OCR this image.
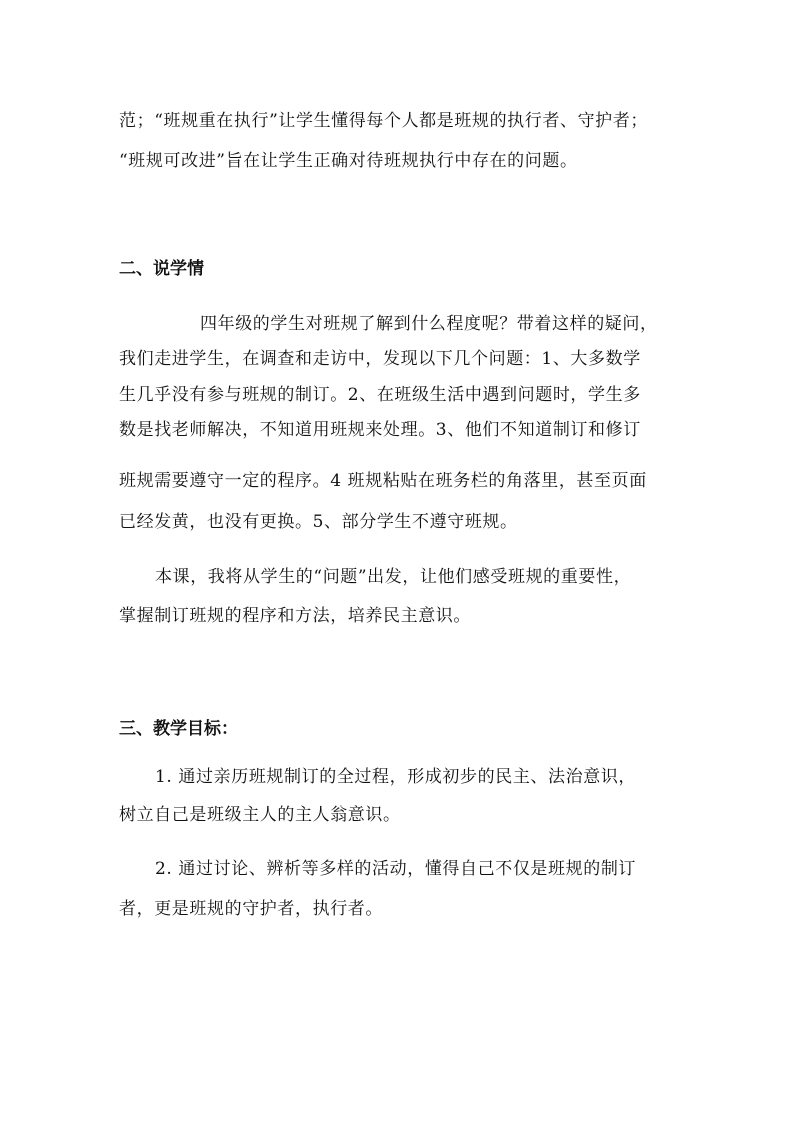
范；“班规重在执行”让学生懂得每个人都是班规的执行者、守护者；
“班规可改进”旨在让学生正确对待班规执行中存在的问题。
二、说学情
四年级的学生对班规了解到什么程度呢？带着这样的疑问，
我们走进学生，在调查和走访中，发现以下几个问题：1、大多数学
生几乎没有参与班规的制订。2、在班级生活中遇到问题时，学生多
数是找老师解决，不知道用班规来处理。3、他们不知道制订和修订
班规需要遵守一定的程序。4 班规粘贴在班务栏的角落里，甚至页面
已经发黄，也没有更换。5、部分学生不遵守班规。
本课，我将从学生的“问题”出发，让他们感受班规的重要性，
掌握制订班规的程序和方法，培养民主意识。
三、教学目标：
1. 通过亲历班规制订的全过程，形成初步的民主、法治意识，
树立自己是班级主人的主人翁意识。
2. 通过讨论、辨析等多样的活动，懂得自己不仅是班规的制订
者，更是班规的守护者，执行者。
